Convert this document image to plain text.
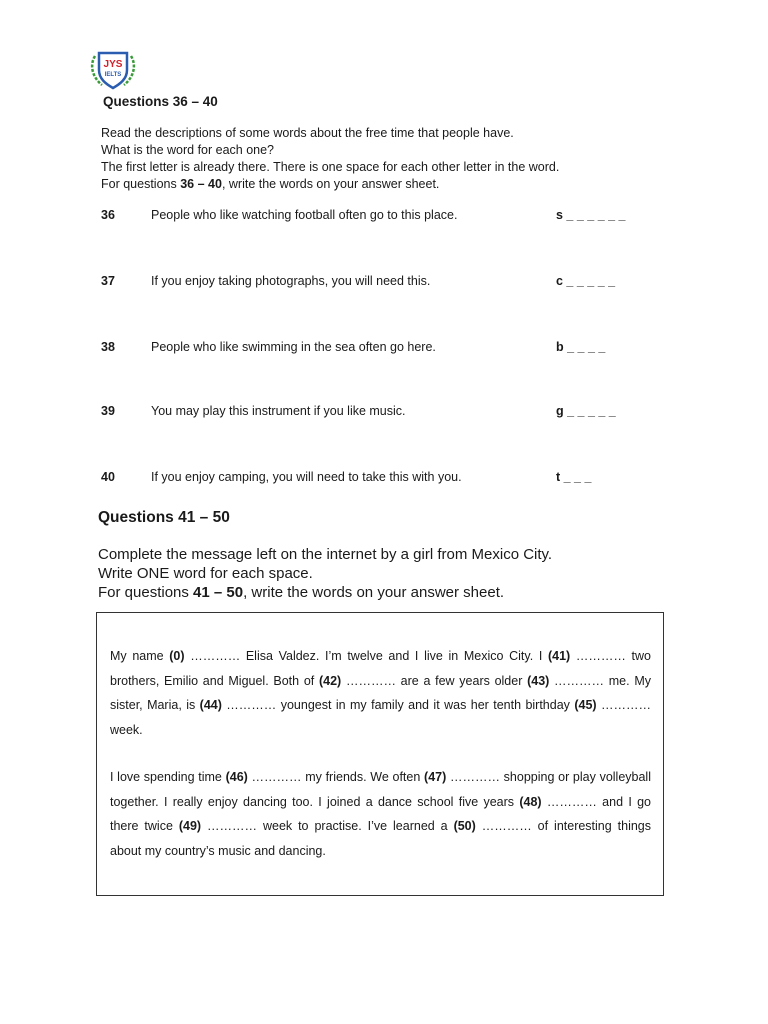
JYS
IELTS
Questions 36 – 40
Read the descriptions of some words about the free time that people have.
What is the word for each one?
The first letter is already there. There is one space for each other letter in the word.
For questions 36 – 40, write the words on your answer sheet.
36	People who like watching football often go to this place.	s _ _ _ _ _ _
37	If you enjoy taking photographs, you will need this.	c _ _ _ _ _
38	People who like swimming in the sea often go here.	b _ _ _ _
39	You may play this instrument if you like music.	g _ _ _ _ _
40	If you enjoy camping, you will need to take this with you.	t _ _ _
Questions 41 – 50
Complete the message left on the internet by a girl from Mexico City.
Write ONE word for each space.
For questions 41 – 50, write the words on your answer sheet.
My name (0) ………… Elisa Valdez. I’m twelve and I live in Mexico City. I (41) ………… two brothers, Emilio and Miguel. Both of (42) ………… are a few years older (43) ………… me. My sister, Maria, is (44) ………… youngest in my family and it was her tenth birthday (45) ………… week.
I love spending time (46) ………… my friends. We often (47) ………… shopping or play volleyball together. I really enjoy dancing too. I joined a dance school five years (48) ………… and I go there twice (49) ………… week to practise. I’ve learned a (50) ………… of interesting things about my country’s music and dancing.
